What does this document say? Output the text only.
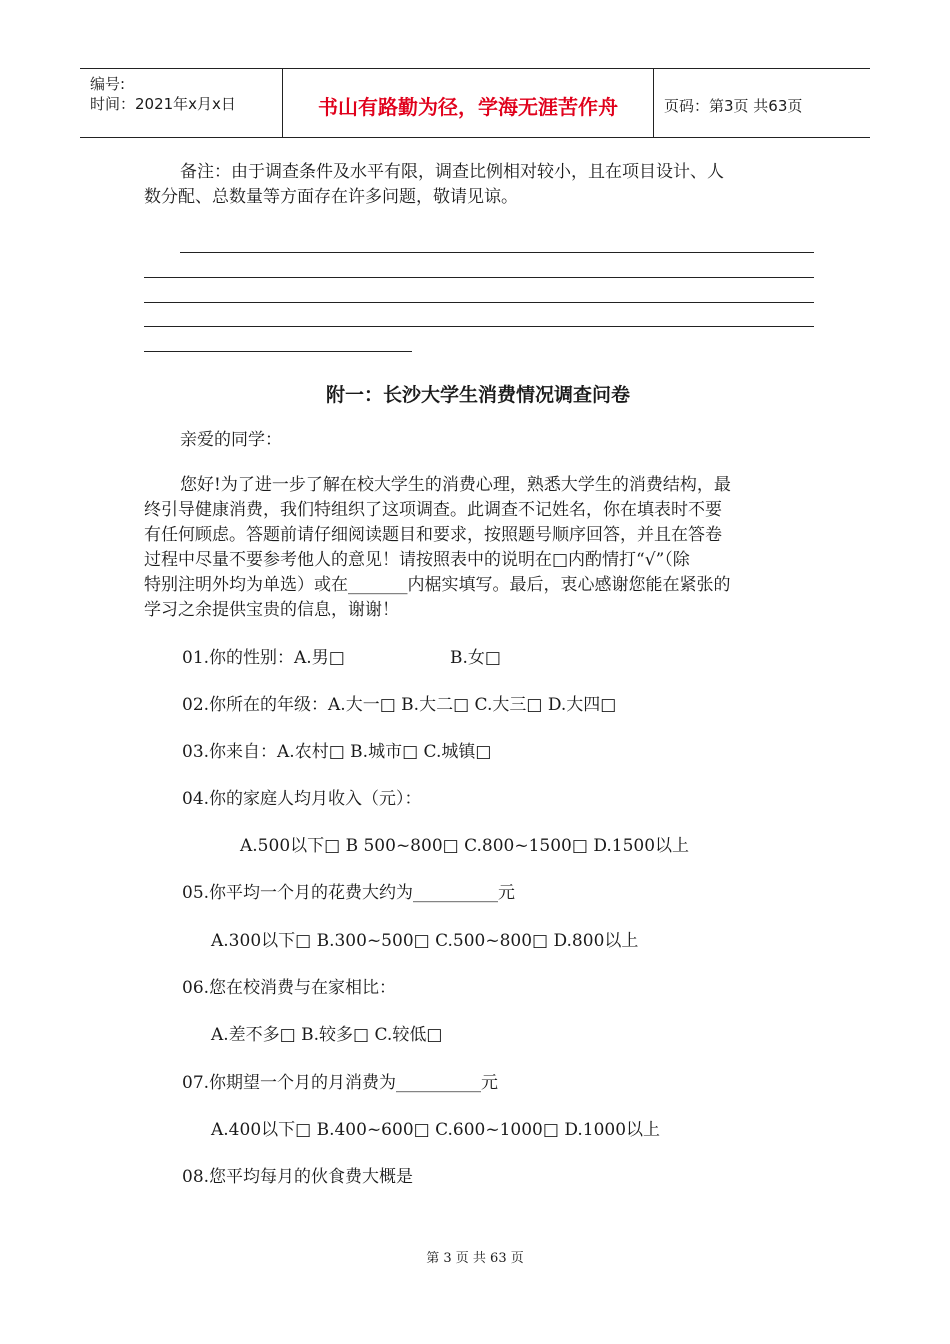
编号:
时间：2021年x月x日	书山有路勤为径，学海无涯苦作舟	页码：第3页 共63页
备注：由于调查条件及水平有限，调查比例相对较小，且在项目设计、人
数分配、总数量等方面存在许多问题，敬请见谅。
附一：长沙大学生消费情况调查问卷
亲爱的同学：
您好!为了进一步了解在校大学生的消费心理，熟悉大学生的消费结构，最
终引导健康消费，我们特组织了这项调查。此调查不记姓名，你在填表时不要
有任何顾虑。答题前请仔细阅读题目和要求，按照题号顺序回答，并且在答卷
过程中尽量不要参考他人的意见！请按照表中的说明在□内酌情打“√”（除
特别注明外均为单选）或在_______内椐实填写。最后，衷心感谢您能在紧张的
学习之余提供宝贵的信息，谢谢！
01.你的性别：A.男□	B.女□
02.你所在的年级：A.大一□ B.大二□ C.大三□ D.大四□
03.你来自：A.农村□ B.城市□ C.城镇□
04.你的家庭人均月收入（元）：
A.500以下□ B 500~800□ C.800~1500□ D.1500以上
05.你平均一个月的花费大约为__________元
A.300以下□ B.300~500□ C.500~800□ D.800以上
06.您在校消费与在家相比：
A.差不多□ B.较多□ C.较低□
07.你期望一个月的月消费为__________元
A.400以下□ B.400~600□ C.600~1000□ D.1000以上
08.您平均每月的伙食费大概是
第 3 页 共 63 页
